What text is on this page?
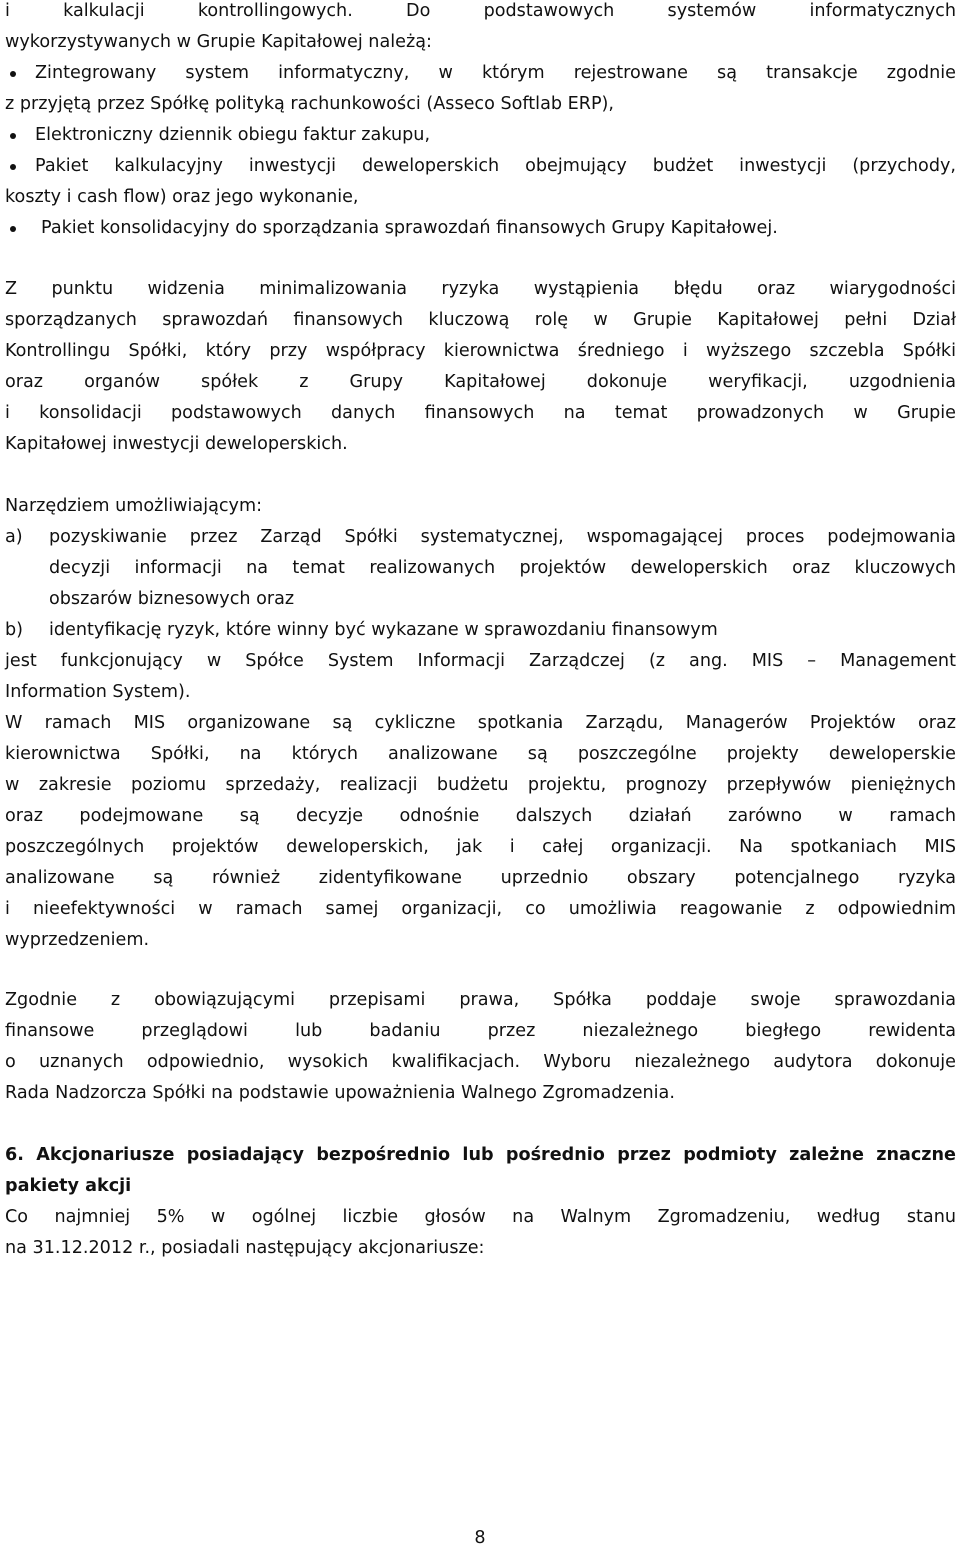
i kalkulacji kontrollingowych. Do podstawowych systemów informatycznych
wykorzystywanych w Grupie Kapitałowej należą:
Zintegrowany system informatyczny, w którym rejestrowane są transakcje zgodnie
z przyjętą przez Spółkę polityką rachunkowości (Asseco Softlab ERP),
Elektroniczny dziennik obiegu faktur zakupu,
Pakiet kalkulacyjny inwestycji deweloperskich obejmujący budżet inwestycji (przychody,
koszty i cash flow) oraz jego wykonanie,
Pakiet konsolidacyjny do sporządzania sprawozdań finansowych Grupy Kapitałowej.
Z punktu widzenia minimalizowania ryzyka wystąpienia błędu oraz wiarygodności
sporządzanych sprawozdań finansowych kluczową rolę w Grupie Kapitałowej pełni Dział
Kontrollingu Spółki, który przy współpracy kierownictwa średniego i wyższego szczebla Spółki
oraz organów spółek z Grupy Kapitałowej dokonuje weryfikacji, uzgodnienia
i konsolidacji podstawowych danych finansowych na temat prowadzonych w Grupie
Kapitałowej inwestycji deweloperskich.
Narzędziem umożliwiającym:
a) pozyskiwanie przez Zarząd Spółki systematycznej, wspomagającej proces podejmowania
decyzji informacji na temat realizowanych projektów deweloperskich oraz kluczowych
obszarów biznesowych oraz
b) identyfikację ryzyk, które winny być wykazane w sprawozdaniu finansowym
jest funkcjonujący w Spółce System Informacji Zarządczej (z ang. MIS – Management
Information System).
W ramach MIS organizowane są cykliczne spotkania Zarządu, Managerów Projektów oraz
kierownictwa Spółki, na których analizowane są poszczególne projekty deweloperskie
w zakresie poziomu sprzedaży, realizacji budżetu projektu, prognozy przepływów pieniężnych
oraz podejmowane są decyzje odnośnie dalszych działań zarówno w ramach
poszczególnych projektów deweloperskich, jak i całej organizacji. Na spotkaniach MIS
analizowane są również zidentyfikowane uprzednio obszary potencjalnego ryzyka
i nieefektywności w ramach samej organizacji, co umożliwia reagowanie z odpowiednim
wyprzedzeniem.
Zgodnie z obowiązującymi przepisami prawa, Spółka poddaje swoje sprawozdania
finansowe przeglądowi lub badaniu przez niezależnego biegłego rewidenta
o uznanych odpowiednio, wysokich kwalifikacjach. Wyboru niezależnego audytora dokonuje
Rada Nadzorcza Spółki na podstawie upoważnienia Walnego Zgromadzenia.
6. Akcjonariusze posiadający bezpośrednio lub pośrednio przez podmioty zależne znaczne
pakiety akcji
Co najmniej 5% w ogólnej liczbie głosów na Walnym Zgromadzeniu, według stanu
na 31.12.2012 r., posiadali następujący akcjonariusze:
8
